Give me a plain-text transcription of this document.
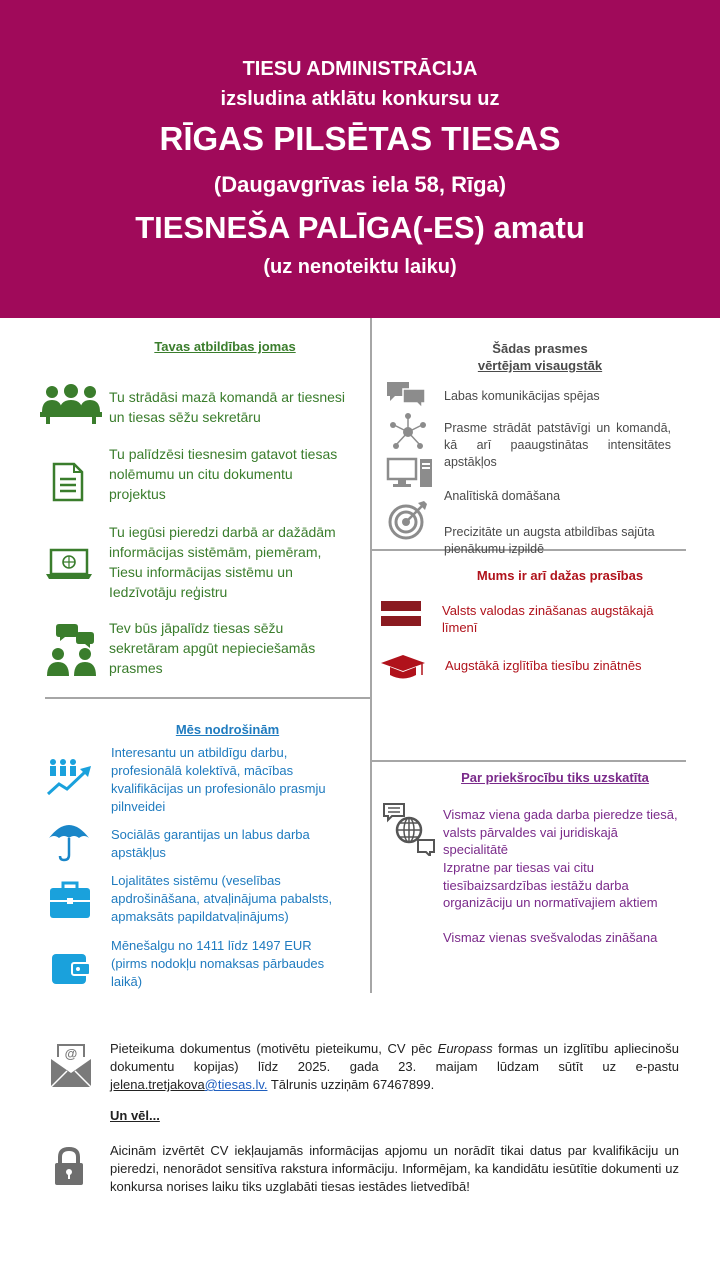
TIESU ADMINISTRĀCIJA
izsludina atklātu konkursu uz
RĪGAS PILSĒTAS TIESAS
(Daugavgrīvas iela 58, Rīga)
TIESNEŠA PALĪGA(-ES) amatu
(uz nenoteiktu laiku)
Tavas atbildības jomas
Tu strādāsi mazā komandā ar tiesnesi un tiesas sēžu sekretāru
Tu palīdzēsi tiesnesim gatavot tiesas nolēmumu un citu dokumentu projektus
Tu iegūsi pieredzi darbā ar dažādām informācijas sistēmām, piemēram, Tiesu informācijas sistēmu un Iedzīvotāju reģistru
Tev būs jāpalīdz tiesas sēžu sekretāram apgūt nepieciešamās prasmes
Šādas prasmes
vērtējam visaugstāk
Labas komunikācijas spējas
Prasme strādāt patstāvīgi un komandā, kā arī paaugstinātas intensitātes apstākļos
Analītiskā domāšana
Precizitāte un augsta atbildības sajūta pienākumu izpildē
Mums ir arī dažas prasības
Valsts valodas zināšanas augstākajā līmenī
Augstākā izglītība tiesību zinātnēs
Mēs nodrošinām
Interesantu un atbildīgu darbu, profesionālā kolektīvā, mācības kvalifikācijas un profesionālo prasmju pilnveidei
Sociālās garantijas un labus darba apstākļus
Lojalitātes sistēmu (veselības apdrošināšana, atvaļinājuma pabalsts, apmaksāts papildatvaļinājums)
Mēnešalgu no 1411 līdz 1497 EUR (pirms nodokļu nomaksas pārbaudes laikā)
Par priekšrocību tiks uzskatīta
Vismaz viena gada darba pieredze tiesā, valsts pārvaldes vai juridiskajā specialitātē
Izpratne par tiesas vai citu tiesībaizsardzības iestāžu darba organizāciju un normatīvajiem aktiem
Vismaz vienas svešvalodas zināšana
@	Pieteikuma dokumentus (motivētu pieteikumu, CV pēc Europass formas un izglītību apliecinošu dokumentu kopijas) līdz 2025. gada 23. maijam lūdzam sūtīt uz e-pastu jelena.tretjakova@tiesas.lv. Tālrunis uzziņām 67467899.
Un vēl...
Aicinām izvērtēt CV iekļaujamās informācijas apjomu un norādīt tikai datus par kvalifikāciju un pieredzi, nenorādot sensitīva rakstura informāciju. Informējam, ka kandidātu iesūtītie dokumenti uz konkursa norises laiku tiks uzglabāti tiesas iestādes lietvedībā!
